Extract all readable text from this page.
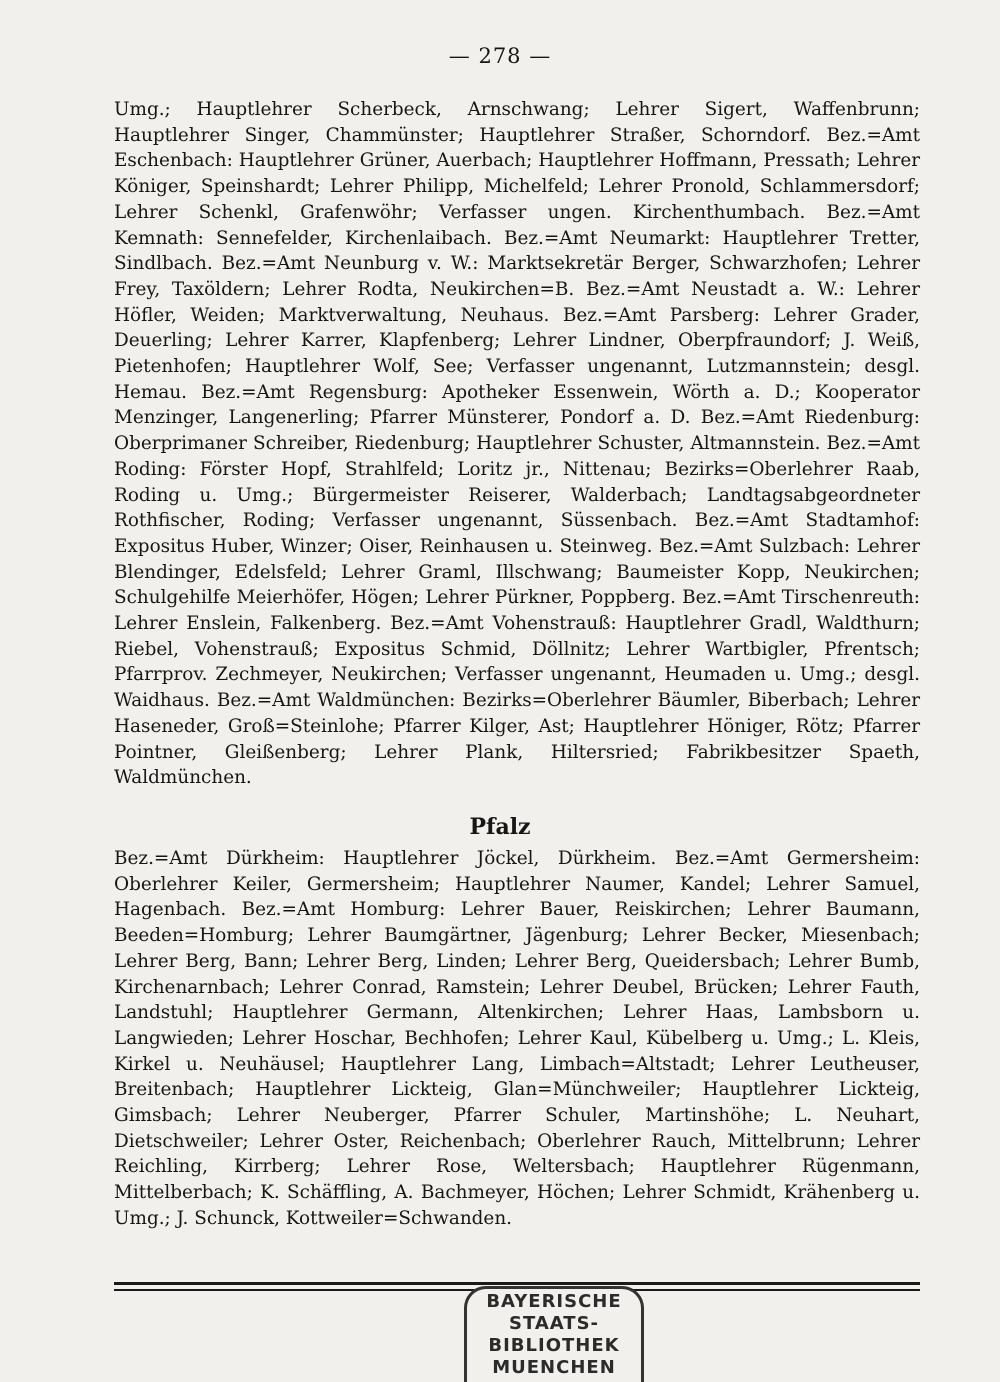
— 278 —

Umg.; Hauptlehrer Scherbeck, Arnschwang; Lehrer Sigert, Waffenbrunn; Hauptlehrer Singer, Chammünster; Hauptlehrer Straßer, Schorndorf. Bez.=Amt Eschenbach: Hauptlehrer Grüner, Auerbach; Hauptlehrer Hoffmann, Pressath; Lehrer Königer, Speinshardt; Lehrer Philipp, Michelfeld; Lehrer Pronold, Schlammersdorf; Lehrer Schenkl, Grafenwöhr; Verfasser ungen. Kirchenthumbach. Bez.=Amt Kemnath: Sennefelder, Kirchenlaibach. Bez.=Amt Neumarkt: Hauptlehrer Tretter, Sindlbach. Bez.=Amt Neunburg v. W.: Marktsekretär Berger, Schwarzhofen; Lehrer Frey, Taxöldern; Lehrer Rodta, Neukirchen=B. Bez.=Amt Neustadt a. W.: Lehrer Höfler, Weiden; Marktverwaltung, Neuhaus. Bez.=Amt Parsberg: Lehrer Grader, Deuerling; Lehrer Karrer, Klapfenberg; Lehrer Lindner, Oberpfraundorf; J. Weiß, Pietenhofen; Hauptlehrer Wolf, See; Verfasser ungenannt, Lutzmannstein; desgl. Hemau. Bez.=Amt Regensburg: Apotheker Essenwein, Wörth a. D.; Kooperator Menzinger, Langenerling; Pfarrer Münsterer, Pondorf a. D. Bez.=Amt Riedenburg: Oberprimaner Schreiber, Riedenburg; Hauptlehrer Schuster, Altmannstein. Bez.=Amt Roding: Förster Hopf, Strahlfeld; Loritz jr., Nittenau; Bezirks=Oberlehrer Raab, Roding u. Umg.; Bürgermeister Reiserer, Walderbach; Landtagsabgeordneter Rothfischer, Roding; Verfasser ungenannt, Süssenbach. Bez.=Amt Stadtamhof: Expositus Huber, Winzer; Oiser, Reinhausen u. Steinweg. Bez.=Amt Sulzbach: Lehrer Blendinger, Edelsfeld; Lehrer Graml, Illschwang; Baumeister Kopp, Neukirchen; Schulgehilfe Meierhöfer, Högen; Lehrer Pürkner, Poppberg. Bez.=Amt Tirschenreuth: Lehrer Enslein, Falkenberg. Bez.=Amt Vohenstrauß: Hauptlehrer Gradl, Waldthurn; Riebel, Vohenstrauß; Expositus Schmid, Döllnitz; Lehrer Wartbigler, Pfrentsch; Pfarrprov. Zechmeyer, Neukirchen; Verfasser ungenannt, Heumaden u. Umg.; desgl. Waidhaus. Bez.=Amt Waldmünchen: Bezirks=Oberlehrer Bäumler, Biberbach; Lehrer Haseneder, Groß=Steinlohe; Pfarrer Kilger, Ast; Hauptlehrer Höniger, Rötz; Pfarrer Pointner, Gleißenberg; Lehrer Plank, Hiltersried; Fabrikbesitzer Spaeth, Waldmünchen.

Pfalz

Bez.=Amt Dürkheim: Hauptlehrer Jöckel, Dürkheim. Bez.=Amt Germersheim: Oberlehrer Keiler, Germersheim; Hauptlehrer Naumer, Kandel; Lehrer Samuel, Hagenbach. Bez.=Amt Homburg: Lehrer Bauer, Reiskirchen; Lehrer Baumann, Beeden=Homburg; Lehrer Baumgärtner, Jägenburg; Lehrer Becker, Miesenbach; Lehrer Berg, Bann; Lehrer Berg, Linden; Lehrer Berg, Queidersbach; Lehrer Bumb, Kirchenarnbach; Lehrer Conrad, Ramstein; Lehrer Deubel, Brücken; Lehrer Fauth, Landstuhl; Hauptlehrer Germann, Altenkirchen; Lehrer Haas, Lambsborn u. Langwieden; Lehrer Hoschar, Bechhofen; Lehrer Kaul, Kübelberg u. Umg.; L. Kleis, Kirkel u. Neuhäusel; Hauptlehrer Lang, Limbach=Altstadt; Lehrer Leutheuser, Breitenbach; Hauptlehrer Lickteig, Glan=Münchweiler; Hauptlehrer Lickteig, Gimsbach; Lehrer Neuberger, Pfarrer Schuler, Martinshöhe; L. Neuhart, Dietschweiler; Lehrer Oster, Reichenbach; Oberlehrer Rauch, Mittelbrunn; Lehrer Reichling, Kirrberg; Lehrer Rose, Weltersbach; Hauptlehrer Rügenmann, Mittelberbach; K. Schäffling, A. Bachmeyer, Höchen; Lehrer Schmidt, Krähenberg u. Umg.; J. Schunck, Kottweiler=Schwanden.

BAYERISCHE
STAATS-
BIBLIOTHEK
MUENCHEN
